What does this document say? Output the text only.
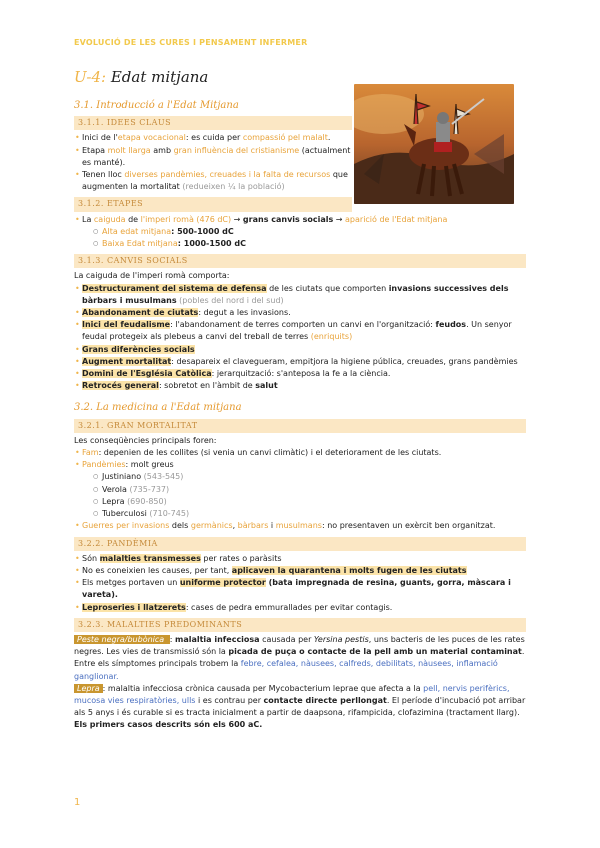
EVOLUCIÓ DE LES CURES I PENSAMENT INFERMER
U-4: Edat mitjana
3.1. Introducció a l'Edat Mitjana
3.1.1. IDEES CLAUS
• Inici de l'etapa vocacional: es cuida per compassió pel malalt.
• Etapa molt llarga amb gran influència del cristianisme (actualment es manté).
• Tenen lloc diverses pandèmies, creuades i la falta de recursos que augmenten la mortalitat (redueixen ¼ la població)
3.1.2. ETAPES
• La caiguda de l'imperi romà (476 dC) → grans canvis socials → aparició de l'Edat mitjana
○ Alta edat mitjana: 500-1000 dC
○ Baixa Edat mitjana: 1000-1500 dC
3.1.3. CANVIS SOCIALS

La caiguda de l'imperi romà comporta:

• Destructurament del sistema de defensa de les ciutats que comporten invasions successives dels bàrbars i musulmans (pobles del nord i del sud)
• Abandonament de ciutats: degut a les invasions.
• Inici del feudalisme: l'abandonament de terres comporten un canvi en l'organització: feudos. Un senyor feudal protegeix als plebeus a canvi del treball de terres (enriquits)
• Grans diferències socials
• Augment mortalitat: desapareix el clavegueram, empitjora la higiene pública, creuades, grans pandèmies
• Domini de l'Església Catòlica: jerarquització: s'anteposa la fe a la ciència.
• Retrocés general: sobretot en l'àmbit de salut
3.2. La medicina a l'Edat mitjana
3.2.1. GRAN MORTALITAT

Les conseqüències principals foren:

• Fam: depenien de les collites (si venia un canvi climàtic) i el deteriorament de les ciutats.
• Pandèmies: molt greus
○ Justiniano (543-545)
○ Verola (735-737)
○ Lepra (690-850)
○ Tuberculosi (710-745)
• Guerres per invasions dels germànics, bàrbars i musulmans: no presentaven un exèrcit ben organitzat.
3.2.2. PANDÈMIA
• Són malalties transmesses per rates o paràsits
• No es coneixien les causes, per tant, aplicaven la quarantena i molts fugen de les ciutats
• Els metges portaven un uniforme protector (bata impregnada de resina, guants, gorra, màscara i vareta).
• Leproseries i llatzerets: cases de pedra emmurallades per evitar contagis.
3.2.3. MALALTIES PREDOMINANTS

Peste negra/bubònica : malaltia infecciosa causada per Yersina pestis, uns bacteris de les puces de les rates negres. Les vies de transmissió són la picada de puça o contacte de la pell amb un material contaminat. Entre els símptomes principals trobem la febre, cefalea, nàusees, calfreds, debilitats, nàusees, inflamació ganglionar.

Lepra : malaltia infecciosa crònica causada per Mycobacterium leprae que afecta a la pell, nervis perifèrics, mucosa vies respiratòries, ulls i es contrau per contacte directe perllongat. El període d'incubació pot arribar als 5 anys i és curable si es tracta inicialment a partir de daapsona, rifampicida, clofazimina (tractament llarg).

Els primers casos descrits són els 600 aC.

1
